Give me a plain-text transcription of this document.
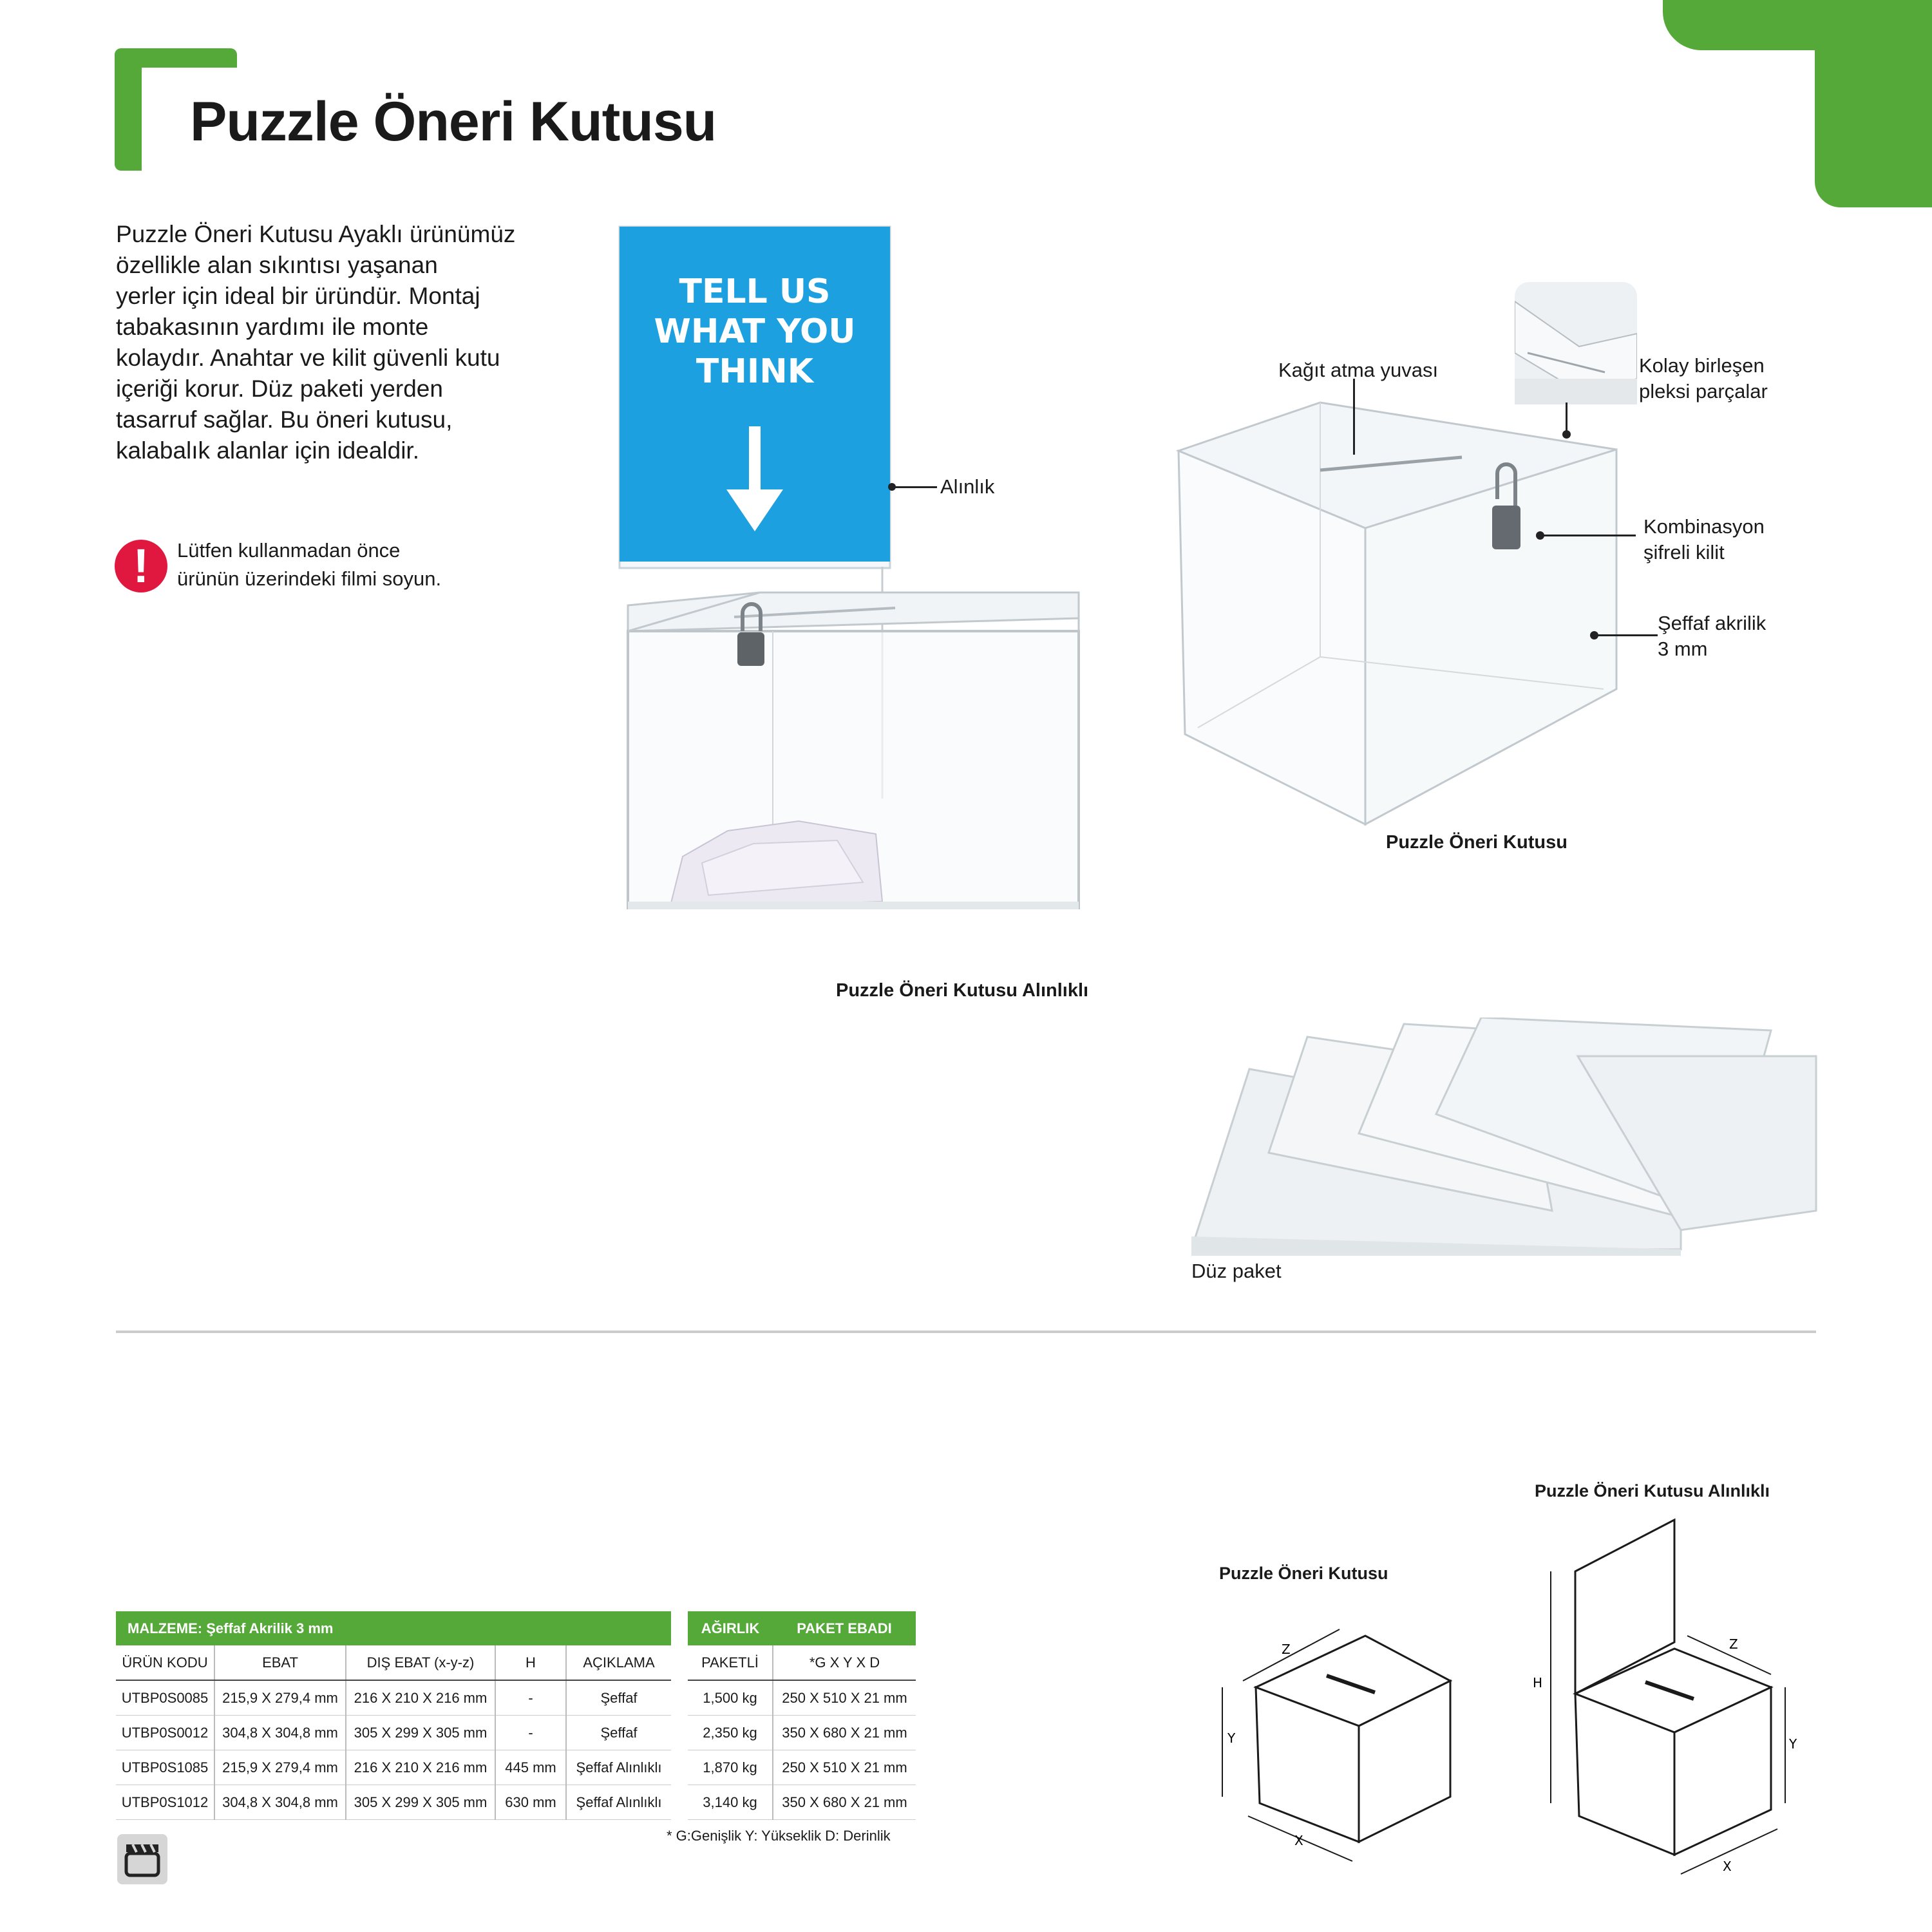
Puzzle Öneri Kutusu
Puzzle Öneri Kutusu Ayaklı ürünümüz
özellikle alan sıkıntısı yaşanan
yerler için ideal bir üründür. Montaj
tabakasının yardımı ile monte
kolaydır. Anahtar ve kilit güvenli kutu
içeriği korur. Düz paketi yerden
tasarruf sağlar. Bu öneri kutusu,
kalabalık alanlar için idealdir.
!
Lütfen kullanmadan önce
ürünün üzerindeki filmi soyun.
TELL US
WHAT YOU
THINK
Alınlık
Puzzle Öneri Kutusu Alınlıklı
Kağıt atma yuvası	Kolay birleşen
pleksi parçalar
Kombinasyon
şifreli kilit
Şeffaf akrilik
3 mm
Puzzle Öneri Kutusu
Düz paket
MALZEME: Şeffaf Akrilik 3 mm						AĞIRLIK	PAKET EBADI
ÜRÜN KODU	EBAT	DIŞ EBAT (x-y-z)	H	AÇIKLAMA		PAKETLİ	*G X Y X D
UTBP0S0085	215,9 X 279,4 mm	216 X 210 X 216 mm	-	Şeffaf		1,500 kg	250 X 510 X 21 mm
UTBP0S0012	304,8 X 304,8 mm	305 X 299 X 305 mm	-	Şeffaf		2,350 kg	350 X 680 X 21 mm
UTBP0S1085	215,9 X 279,4 mm	216 X 210 X 216 mm	445 mm	Şeffaf Alınlıklı		1,870 kg	250 X 510 X 21 mm
UTBP0S1012	304,8 X 304,8 mm	305 X 299 X 305 mm	630 mm	Şeffaf Alınlıklı		3,140 kg	350 X 680 X 21 mm
* G:Genişlik Y: Yükseklik D: Derinlik
Puzzle Öneri Kutusu
Puzzle Öneri Kutusu Alınlıklı
Z
Y
X
H
Z
Y
X
